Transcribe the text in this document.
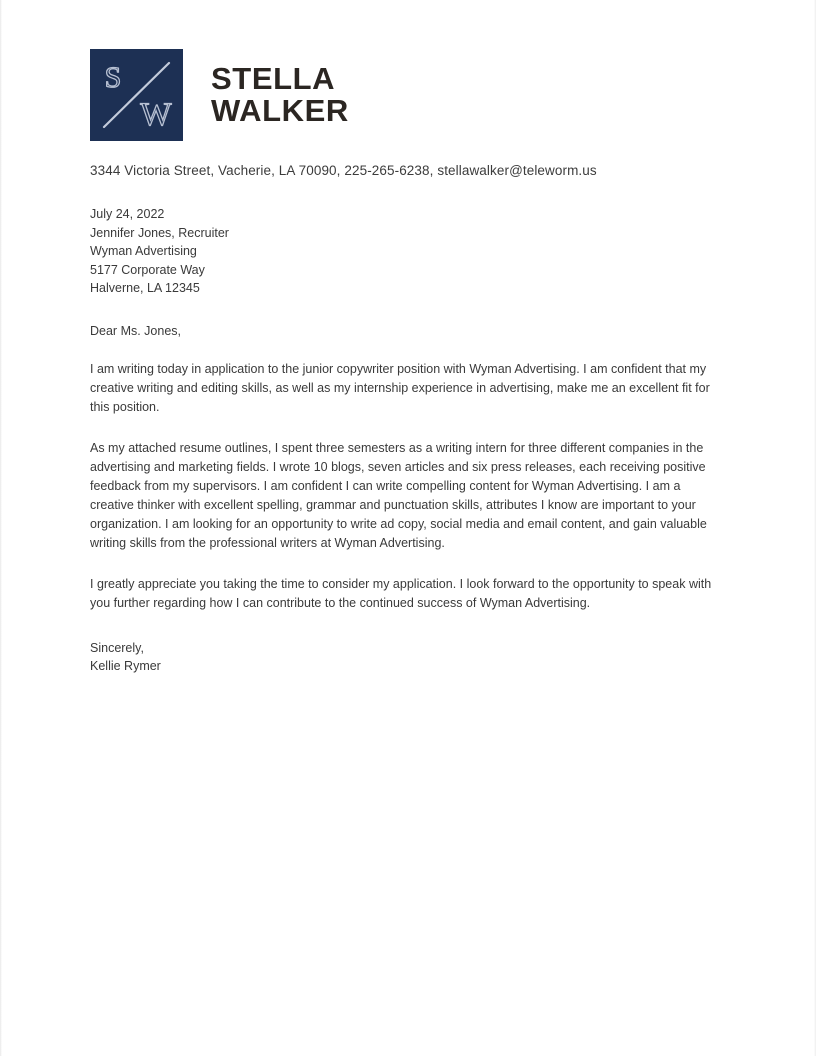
S
W
STELLA
WALKER
3344 Victoria Street, Vacherie, LA 70090, 225-265-6238, stellawalker@teleworm.us
July 24, 2022
Jennifer Jones, Recruiter
Wyman Advertising
5177 Corporate Way
Halverne, LA 12345
Dear Ms. Jones,

I am writing today in application to the junior copywriter position with Wyman Advertising. I am confident that my creative writing and editing skills, as well as my internship experience in advertising, make me an excellent fit for this position.

As my attached resume outlines, I spent three semesters as a writing intern for three different companies in the advertising and marketing fields. I wrote 10 blogs, seven articles and six press releases, each receiving positive feedback from my supervisors. I am confident I can write compelling content for Wyman Advertising. I am a creative thinker with excellent spelling, grammar and punctuation skills, attributes I know are important to your organization. I am looking for an opportunity to write ad copy, social media and email content, and gain valuable writing skills from the professional writers at Wyman Advertising.

I greatly appreciate you taking the time to consider my application. I look forward to the opportunity to speak with you further regarding how I can contribute to the continued success of Wyman Advertising.

Sincerely,
Kellie Rymer
